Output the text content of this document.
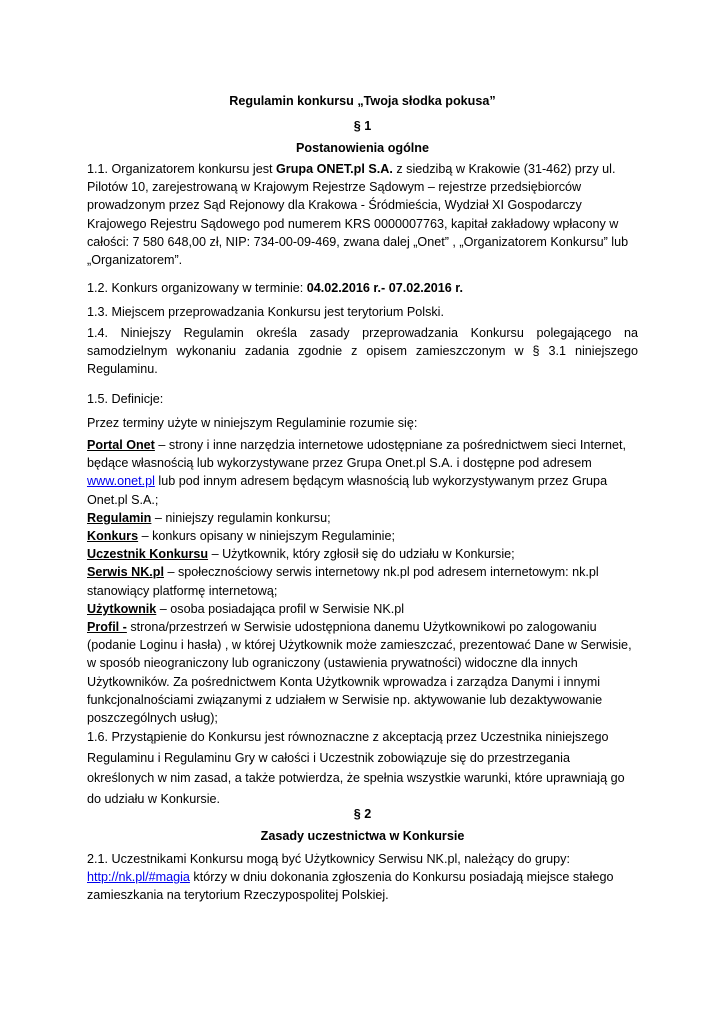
Regulamin konkursu „Twoja słodka pokusa”
§ 1
Postanowienia ogólne
1.1. Organizatorem konkursu jest Grupa ONET.pl S.A. z siedzibą w Krakowie (31-462) przy ul. Pilotów 10, zarejestrowaną w Krajowym Rejestrze Sądowym – rejestrze przedsiębiorców prowadzonym przez Sąd Rejonowy dla Krakowa - Śródmieścia, Wydział XI Gospodarczy Krajowego Rejestru Sądowego pod numerem KRS 0000007763, kapitał zakładowy wpłacony w całości: 7 580 648,00 zł, NIP: 734-00-09-469, zwana dalej „Onet” , „Organizatorem Konkursu” lub „Organizatorem”.
1.2. Konkurs organizowany w terminie: 04.02.2016 r.- 07.02.2016 r.
1.3. Miejscem przeprowadzania Konkursu jest terytorium Polski.
1.4. Niniejszy Regulamin określa zasady przeprowadzania Konkursu polegającego na samodzielnym wykonaniu zadania zgodnie z opisem zamieszczonym w § 3.1 niniejszego Regulaminu.
1.5. Definicje:
Przez terminy użyte w niniejszym Regulaminie rozumie się:
Portal Onet – strony i inne narzędzia internetowe udostępniane za pośrednictwem sieci Internet, będące własnością lub wykorzystywane przez Grupa Onet.pl S.A. i dostępne pod adresem www.onet.pl lub pod innym adresem będącym własnością lub wykorzystywanym przez Grupa Onet.pl S.A.;
Regulamin – niniejszy regulamin konkursu;
Konkurs – konkurs opisany w niniejszym Regulaminie;
Uczestnik Konkursu – Użytkownik, który zgłosił się do udziału w Konkursie;
Serwis NK.pl – społecznościowy serwis internetowy nk.pl pod adresem internetowym: nk.pl stanowiący platformę internetową;
Użytkownik – osoba posiadająca profil w Serwisie NK.pl
Profil - strona/przestrzeń w Serwisie udostępniona danemu Użytkownikowi po zalogowaniu (podanie Loginu i hasła) , w której Użytkownik może zamieszczać, prezentować Dane w Serwisie, w sposób nieograniczony lub ograniczony (ustawienia prywatności) widoczne dla innych Użytkowników. Za pośrednictwem Konta Użytkownik wprowadza i zarządza Danymi i innymi funkcjonalnościami związanymi z udziałem w Serwisie np. aktywowanie lub dezaktywowanie poszczególnych usług);
1.6. Przystąpienie do Konkursu jest równoznaczne z akceptacją przez Uczestnika niniejszego Regulaminu i Regulaminu Gry w całości i Uczestnik zobowiązuje się do przestrzegania określonych w nim zasad, a także potwierdza, że spełnia wszystkie warunki, które uprawniają go do udziału w Konkursie.
§ 2
Zasady uczestnictwa w Konkursie
2.1. Uczestnikami Konkursu mogą być Użytkownicy Serwisu NK.pl, należący do grupy: http://nk.pl/#magia którzy w dniu dokonania zgłoszenia do Konkursu posiadają miejsce stałego zamieszkania na terytorium Rzeczypospolitej Polskiej.
